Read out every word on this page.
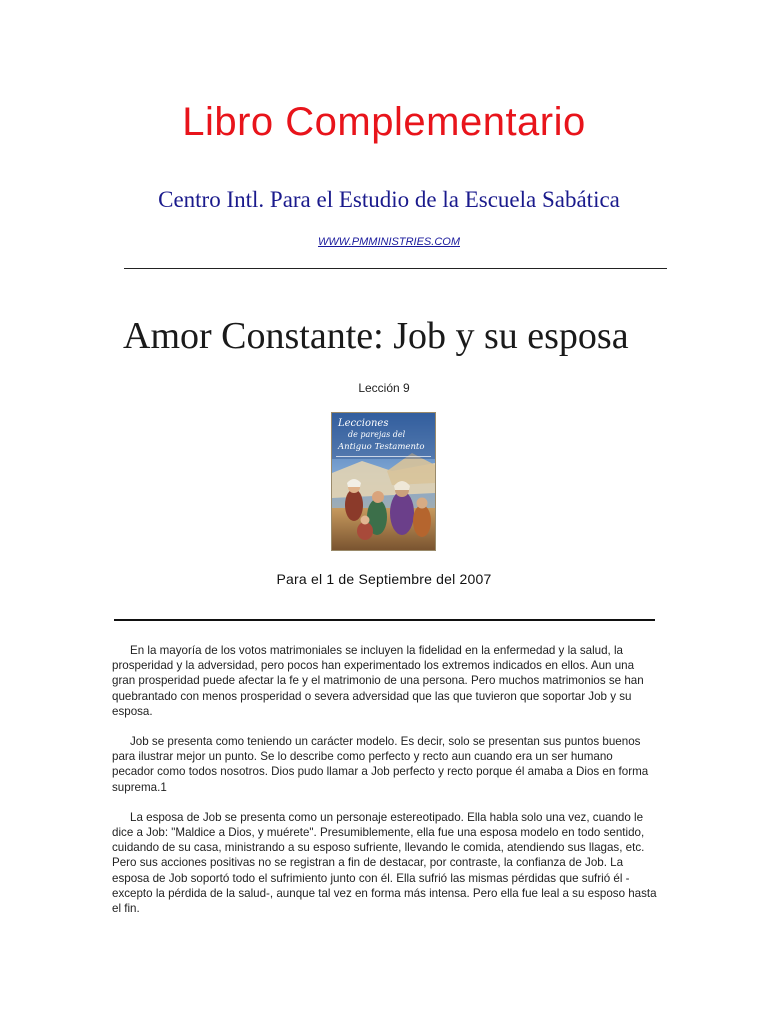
Libro Complementario
Centro Intl. Para el Estudio de la Escuela Sabática
WWW.PMMINISTRIES.COM
Amor Constante: Job y su esposa
Lección 9
Lecciones
de parejas del
Antiguo Testamento
Para el 1 de Septiembre del 2007

En la mayoría de los votos matrimoniales se incluyen la fidelidad en la enfermedad y la salud, la prosperidad y la adversidad, pero pocos han experimentado los extremos indicados en ellos. Aun una gran prosperidad puede afectar la fe y el matrimonio de una persona. Pero muchos matrimonios se han quebrantado con menos prosperidad o severa adversidad que las que tuvieron que soportar Job y su esposa.

Job se presenta como teniendo un carácter modelo. Es decir, solo se presentan sus puntos buenos para ilustrar mejor un punto. Se lo describe como perfecto y recto aun cuando era un ser humano pecador como todos nosotros. Dios pudo llamar a Job perfecto y recto porque él amaba a Dios en forma suprema.1

La esposa de Job se presenta como un personaje estereotipado. Ella habla solo una vez, cuando le dice a Job: "Maldice a Dios, y muérete". Presumiblemente, ella fue una esposa modelo en todo sentido, cuidando de su casa, ministrando a su esposo sufriente, llevando le comida, atendiendo sus llagas, etc. Pero sus acciones positivas no se registran a fin de destacar, por contraste, la confianza de Job. La esposa de Job soportó todo el sufrimiento junto con él. Ella sufrió las mismas pérdidas que sufrió él -excepto la pérdida de la salud-, aunque tal vez en forma más intensa. Pero ella fue leal a su esposo hasta el fin.
